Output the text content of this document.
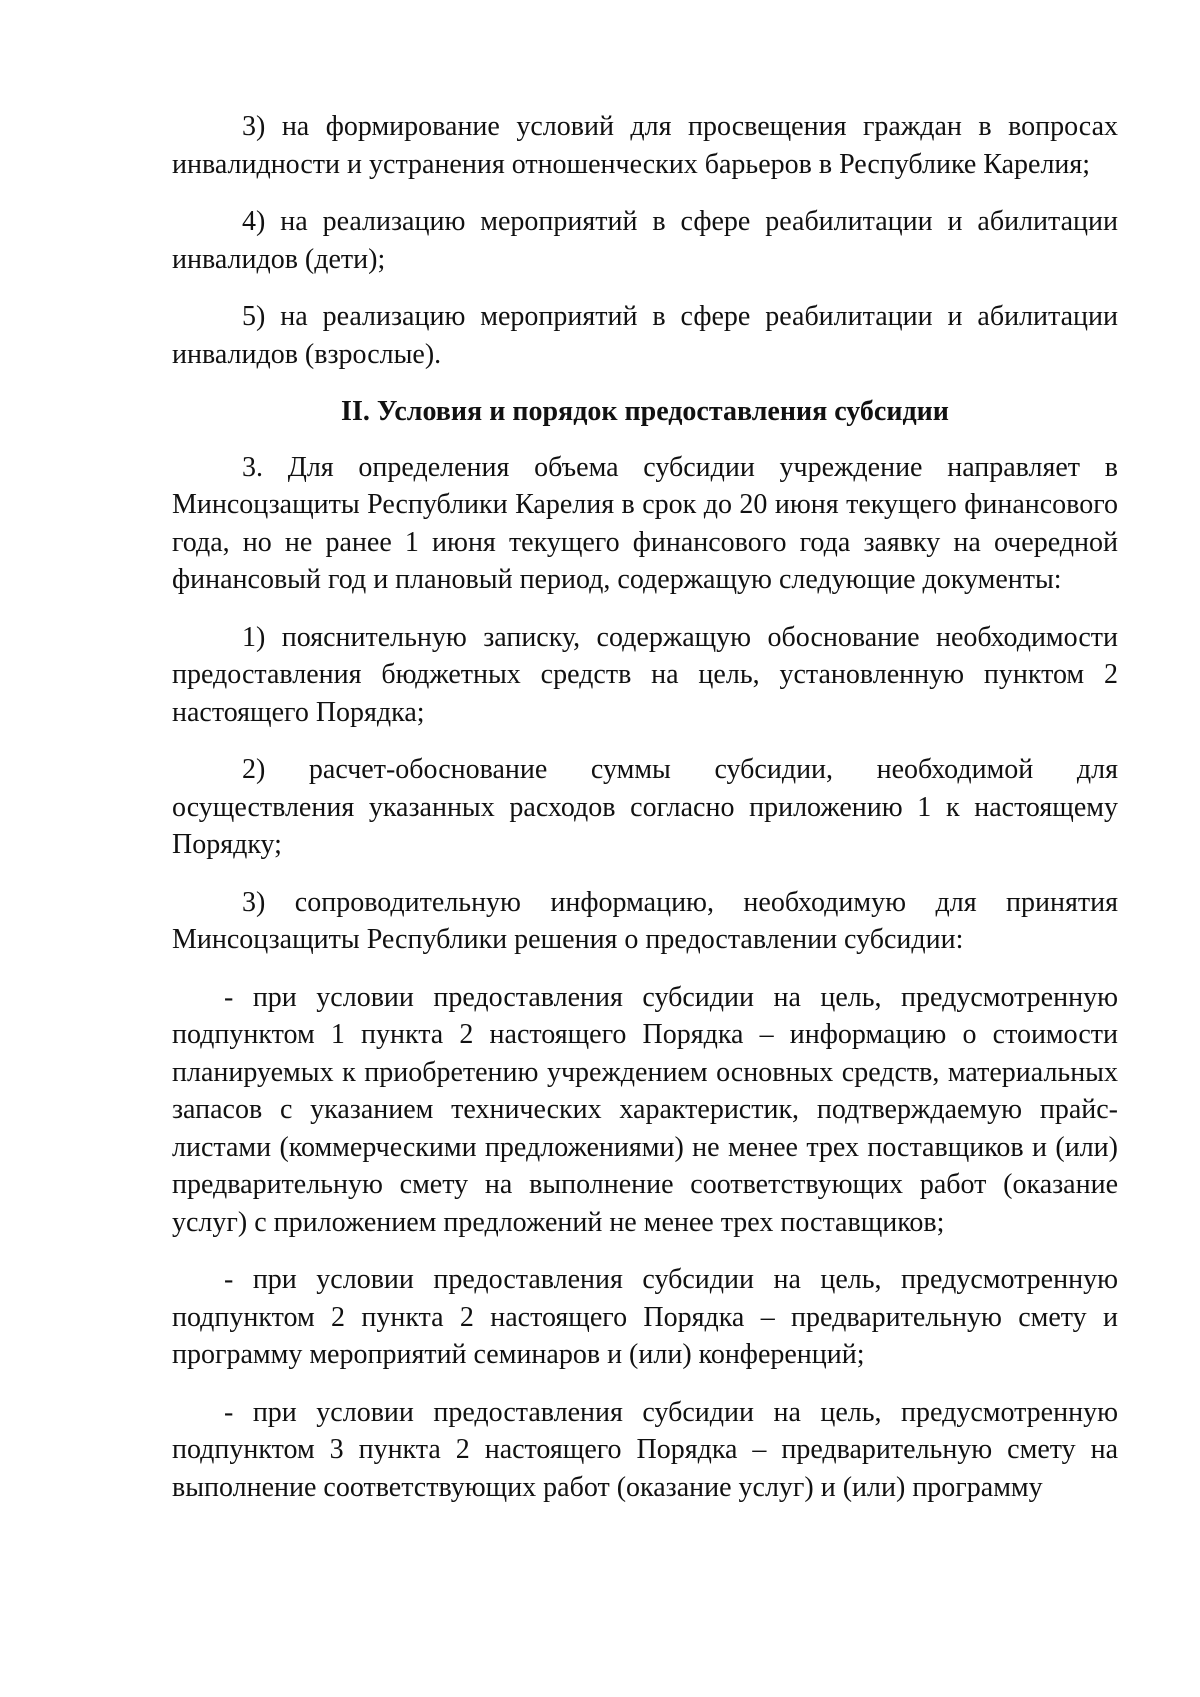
3) на формирование условий для просвещения граждан в вопросах инвалидности и устранения отношенческих барьеров в Республике Карелия;

4) на реализацию мероприятий в сфере реабилитации и абилитации инвалидов (дети);

5) на реализацию мероприятий в сфере реабилитации и абилитации инвалидов (взрослые).

II. Условия и порядок предоставления субсидии

3. Для определения объема субсидии учреждение направляет в Минсоцзащиты Республики Карелия в срок до 20 июня текущего финансового года, но не ранее 1 июня текущего финансового года заявку на очередной финансовый год и плановый период, содержащую следующие документы:

1) пояснительную записку, содержащую обоснование необходимости предоставления бюджетных средств на цель, установленную пунктом 2 настоящего Порядка;

2) расчет-обоснование суммы субсидии, необходимой для осуществления указанных расходов согласно приложению 1 к настоящему Порядку;

3) сопроводительную информацию, необходимую для принятия Минсоцзащиты Республики решения о предоставлении субсидии:

- при условии предоставления субсидии на цель, предусмотренную подпунктом 1 пункта 2 настоящего Порядка – информацию о стоимости планируемых к приобретению учреждением основных средств, материальных запасов с указанием технических характеристик, подтверждаемую прайс-листами (коммерческими предложениями) не менее трех поставщиков и (или) предварительную смету на выполнение соответствующих работ (оказание услуг) с приложением предложений не менее трех поставщиков;

- при условии предоставления субсидии на цель, предусмотренную подпунктом 2 пункта 2 настоящего Порядка – предварительную смету и программу мероприятий семинаров и (или) конференций;

- при условии предоставления субсидии на цель, предусмотренную подпунктом 3 пункта 2 настоящего Порядка – предварительную смету на выполнение соответствующих работ (оказание услуг) и (или) программу
